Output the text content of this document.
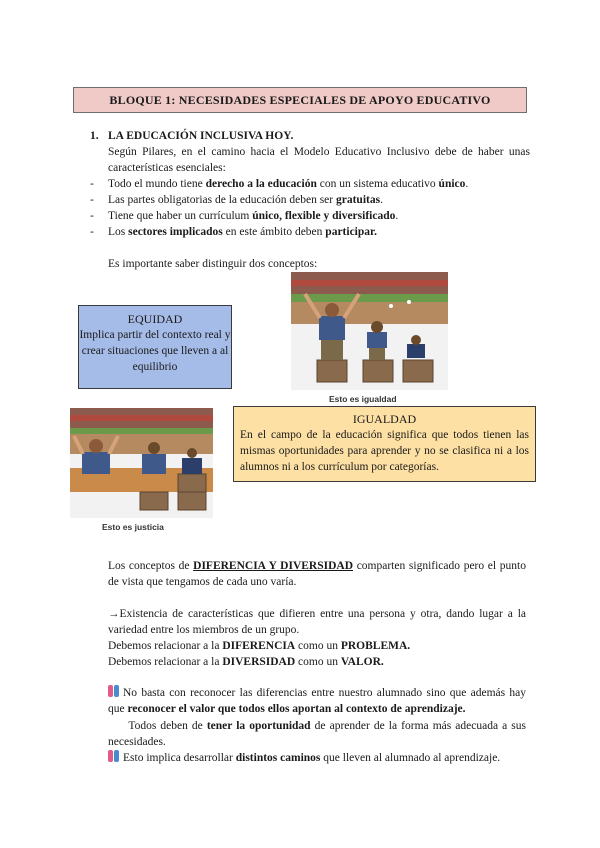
BLOQUE 1: NECESIDADES ESPECIALES DE APOYO EDUCATIVO
1. LA EDUCACIÓN INCLUSIVA HOY.
Según Pilares, en el camino hacia el Modelo Educativo Inclusivo debe de haber unas características esenciales:
- Todo el mundo tiene derecho a la educación con un sistema educativo único.
- Las partes obligatorias de la educación deben ser gratuitas.
- Tiene que haber un currículum único, flexible y diversificado.
- Los sectores implicados en este ámbito deben participar.
Es importante saber distinguir dos conceptos:
Esto es igualdad
EQUIDAD
Implica partir del contexto real y crear situaciones que lleven a al equilibrio
Esto es justicia
IGUALDAD
En el campo de la educación significa que todos tienen las mismas oportunidades para aprender y no se clasifica ni a los alumnos ni a los currículum por categorías.
Los conceptos de DIFERENCIA Y DIVERSIDAD comparten significado pero el punto de vista que tengamos de cada uno varía.
→Existencia de características que difieren entre una persona y otra, dando lugar a la variedad entre los miembros de un grupo.
Debemos relacionar a la DIFERENCIA como un PROBLEMA.
Debemos relacionar a la DIVERSIDAD como un VALOR.
No basta con reconocer las diferencias entre nuestro alumnado sino que además hay que reconocer el valor que todos ellos aportan al contexto de aprendizaje.
Todos deben de tener la oportunidad de aprender de la forma más adecuada a sus necesidades.
Esto implica desarrollar distintos caminos que lleven al alumnado al aprendizaje.
